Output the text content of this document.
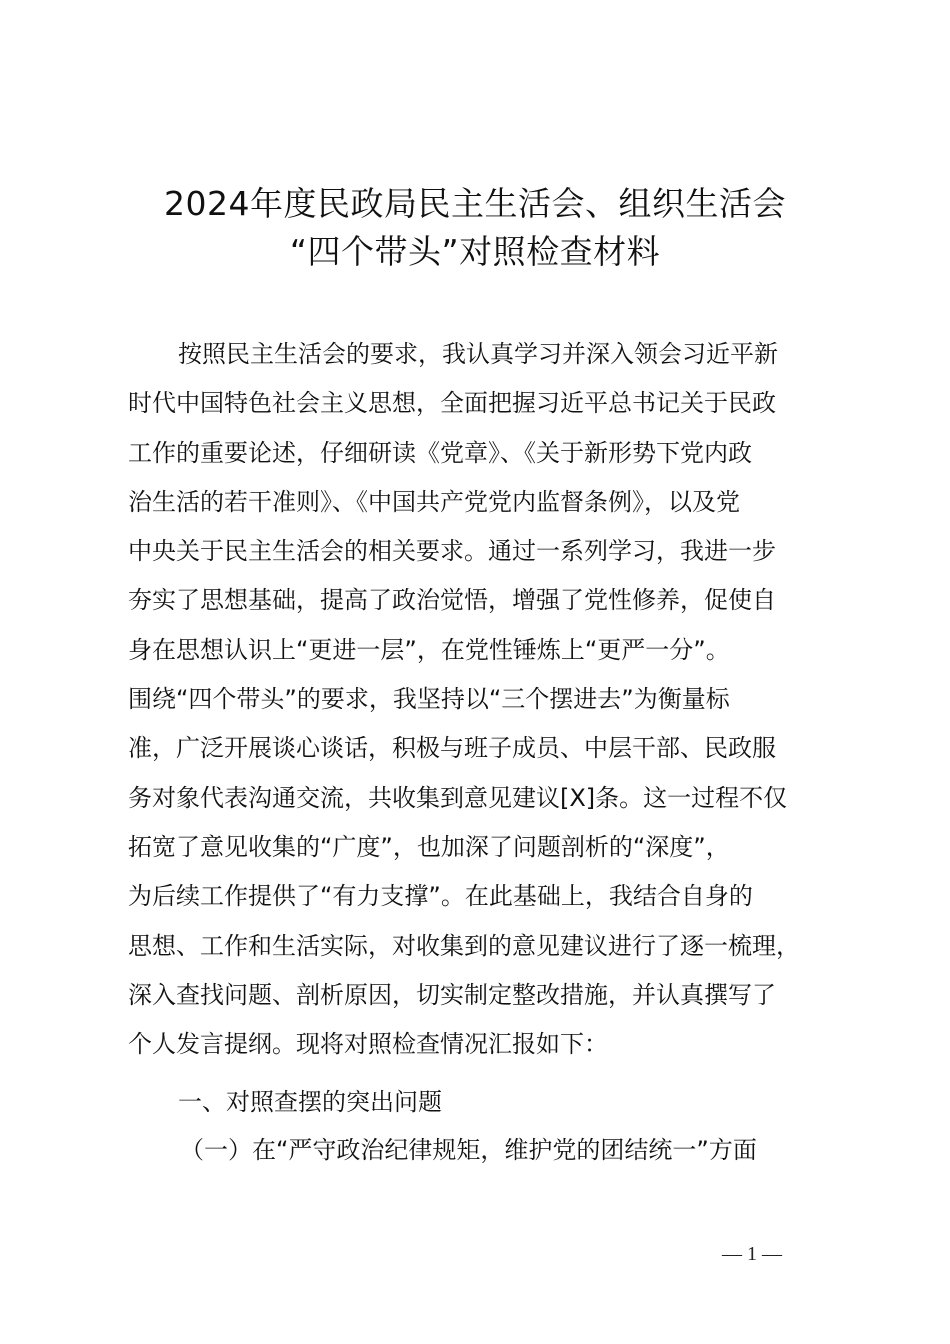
2024年度民政局民主生活会、组织生活会
“四个带头”对照检查材料
按照民主生活会的要求，我认真学习并深入领会习近平新
时代中国特色社会主义思想，全面把握习近平总书记关于民政
工作的重要论述，仔细研读《党章》、《关于新形势下党内政
治生活的若干准则》、《中国共产党党内监督条例》，以及党
中央关于民主生活会的相关要求。通过一系列学习，我进一步
夯实了思想基础，提高了政治觉悟，增强了党性修养，促使自
身在思想认识上“更进一层”，在党性锤炼上“更严一分”。
围绕“四个带头”的要求，我坚持以“三个摆进去”为衡量标
准，广泛开展谈心谈话，积极与班子成员、中层干部、民政服
务对象代表沟通交流，共收集到意见建议[X]条。这一过程不仅
拓宽了意见收集的“广度”，也加深了问题剖析的“深度”，
为后续工作提供了“有力支撑”。在此基础上，我结合自身的
思想、工作和生活实际，对收集到的意见建议进行了逐一梳理，
深入查找问题、剖析原因，切实制定整改措施，并认真撰写了
个人发言提纲。现将对照检查情况汇报如下：
一、对照查摆的突出问题
（一）在“严守政治纪律规矩，维护党的团结统一”方面
— 1 —
